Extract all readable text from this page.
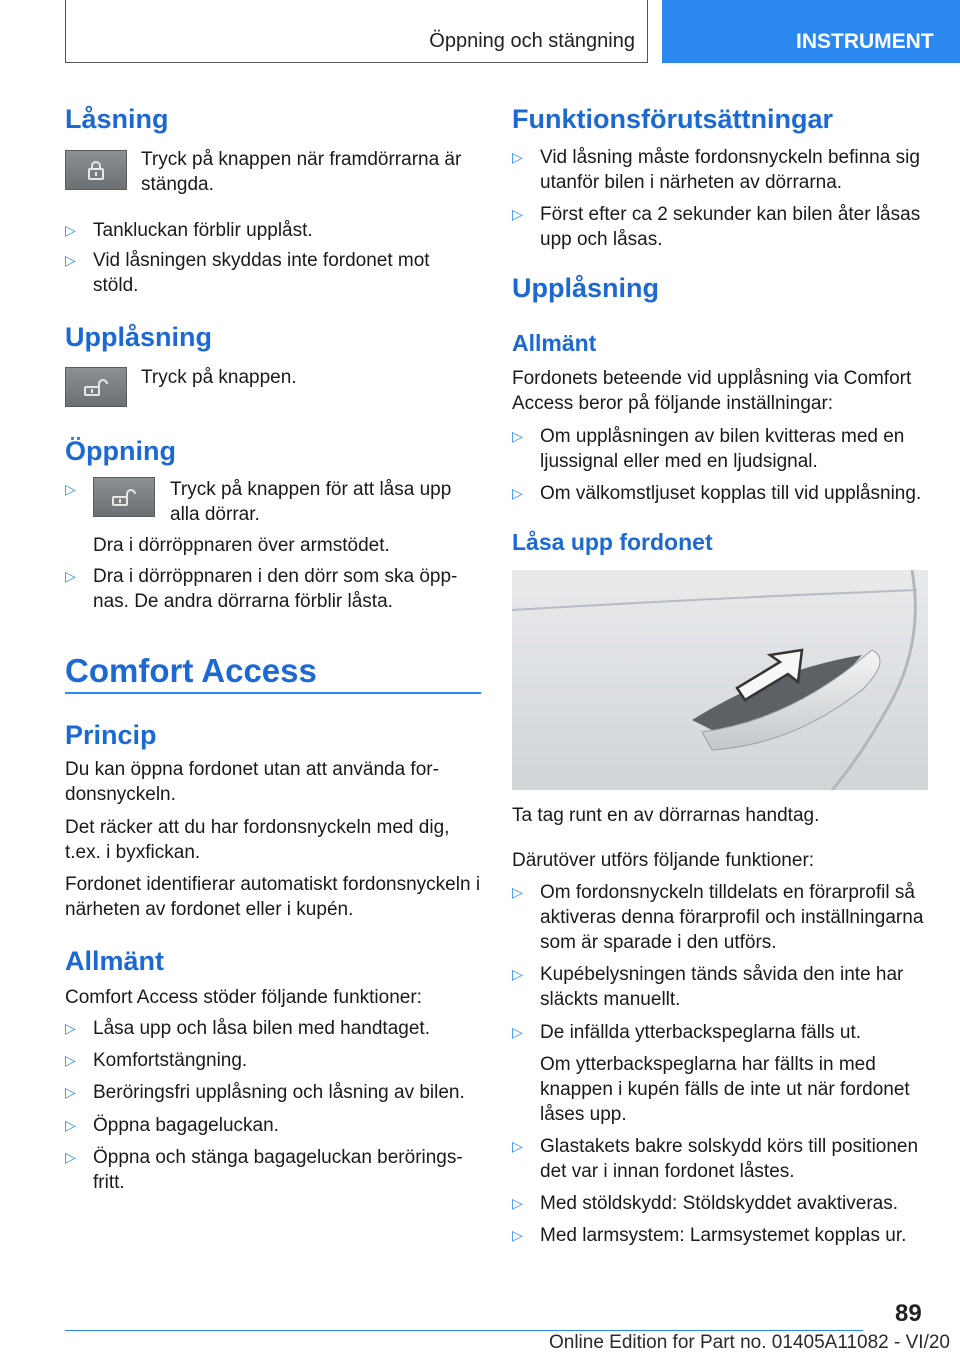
Öppning och stängning	INSTRUMENT
Låsning

Tryck på knappen när framdörrarna är stängda.

▷ Tankluckan förblir upplåst.
▷ Vid låsningen skyddas inte fordonet mot stöld.
Upplåsning

Tryck på knappen.

Öppning
▷	Tryck på knappen för att låsa upp alla dörrar.

Dra i dörröppnaren över armstödet.

▷ Dra i dörröppnaren i den dörr som ska öpp‐nas. De andra dörrarna förblir låsta.
Comfort Access
Princip

Du kan öppna fordonet utan att använda for‐donsnyckeln.

Det räcker att du har fordonsnyckeln med dig, t.ex. i byxfickan.

Fordonet identifierar automatiskt fordonsnyckeln i närheten av fordonet eller i kupén.

Allmänt

Comfort Access stöder följande funktioner:

▷ Låsa upp och låsa bilen med handtaget.
▷ Komfortstängning.
▷ Beröringsfri upplåsning och låsning av bilen.
▷ Öppna bagageluckan.
▷ Öppna och stänga bagageluckan berörings‐fritt.
Funktionsförutsättningar
▷ Vid låsning måste fordonsnyckeln befinna sig utanför bilen i närheten av dörrarna.
▷ Först efter ca 2 sekunder kan bilen åter låsas upp och låsas.
Upplåsning
Allmänt

Fordonets beteende vid upplåsning via Comfort Access beror på följande inställningar:

▷ Om upplåsningen av bilen kvitteras med en ljussignal eller med en ljudsignal.
▷ Om välkomstljuset kopplas till vid upplåsning.
Låsa upp fordonet

Ta tag runt en av dörrarnas handtag.

Därutöver utförs följande funktioner:

▷ Om fordonsnyckeln tilldelats en förarprofil så aktiveras denna förarprofil och inställningarna som är sparade i den utförs.
▷ Kupébelysningen tänds såvida den inte har släckts manuellt.
▷ De infällda ytterbackspeglarna fälls ut.

Om ytterbackspeglarna har fällts in med knappen i kupén fälls de inte ut när fordonet låses upp.

▷ Glastakets bakre solskydd körs till positionen det var i innan fordonet låstes.
▷ Med stöldskydd: Stöldskyddet avaktiveras.
▷ Med larmsystem: Larmsystemet kopplas ur.
89
Online Edition for Part no. 01405A11082 - VI/20
